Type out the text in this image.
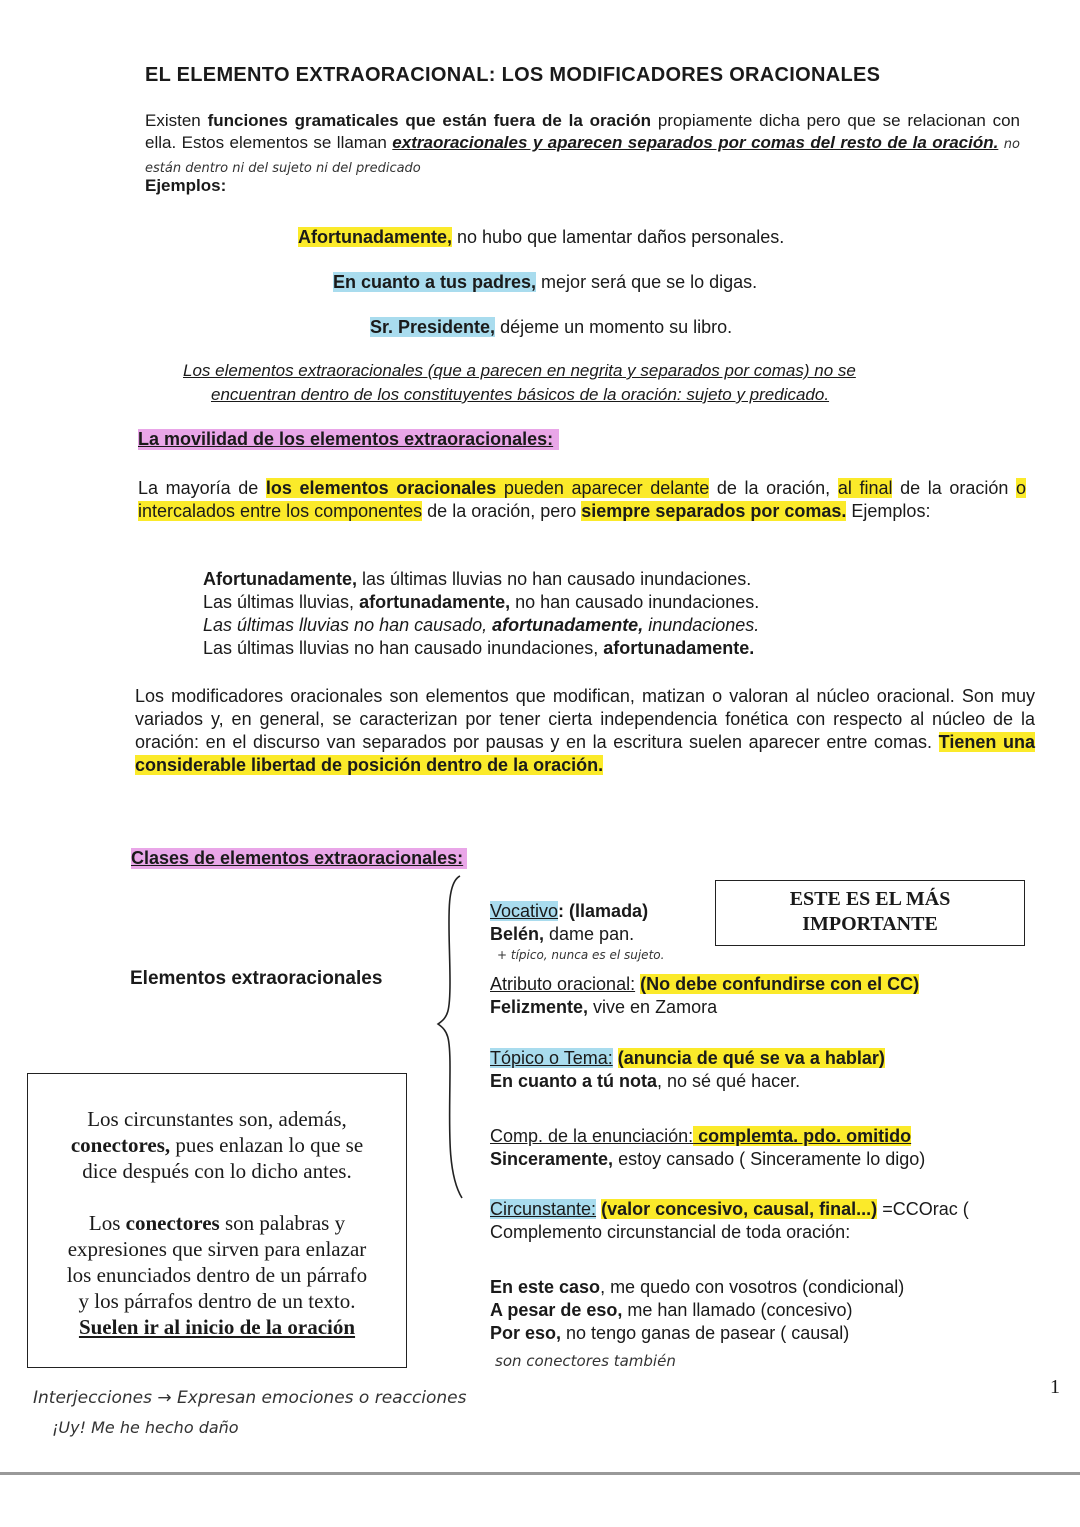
EL ELEMENTO EXTRAORACIONAL: LOS MODIFICADORES ORACIONALES
Existen funciones gramaticales que están fuera de la oración propiamente dicha pero que se relacionan con ella. Estos elementos se llaman extraoracionales y aparecen separados por comas del resto de la oración. no están dentro ni del sujeto ni del predicado
Ejemplos:
Afortunadamente, no hubo que lamentar daños personales.
En cuanto a tus padres, mejor será que se lo digas.
Sr. Presidente, déjeme un momento su libro.
Los elementos extraoracionales (que a parecen en negrita y separados por comas) no se
encuentran dentro de los constituyentes básicos de la oración: sujeto y predicado.
La movilidad de los elementos extraoracionales:
La mayoría de los elementos oracionales pueden aparecer delante de la oración, al final de la oración o intercalados entre los componentes de la oración, pero siempre separados por comas. Ejemplos:

Afortunadamente, las últimas lluvias no han causado inundaciones.

Las últimas lluvias, afortunadamente, no han causado inundaciones.

Las últimas lluvias no han causado, afortunadamente, inundaciones.

Las últimas lluvias no han causado inundaciones, afortunadamente.

Los modificadores oracionales son elementos que modifican, matizan o valoran al núcleo oracional. Son muy variados y, en general, se caracterizan por tener cierta independencia fonética con respecto al núcleo de la oración: en el discurso van separados por pausas y en la escritura suelen aparecer entre comas. Tienen una considerable libertad de posición dentro de la oración.
Clases de elementos extraoracionales:
Elementos extraoracionales
ESTE ES EL MÁS IMPORTANTE

Vocativo: (llamada)

Belén, dame pan.

+ típico, nunca es el sujeto.

Atributo oracional: (No debe confundirse con el CC)

Felizmente, vive en Zamora

Tópico o Tema: (anuncia de qué se va a hablar)

En cuanto a tú nota, no sé qué hacer.

Comp. de la enunciación: complemta. pdo. omitido

Sinceramente, estoy cansado ( Sinceramente lo digo)

Circunstante: (valor concesivo, causal, final...) =CCOrac (

Complemento circunstancial de toda oración:

En este caso, me quedo con vosotros (condicional)

A pesar de eso, me han llamado (concesivo)

Por eso, no tengo ganas de pasear ( causal)

son conectores también

Los circunstantes son, además,

conectores, pues enlazan lo que se

dice después con lo dicho antes.

Los conectores son palabras y

expresiones que sirven para enlazar

los enunciados dentro de un párrafo

y los párrafos dentro de un texto.

Suelen ir al inicio de la oración

Interjecciones → Expresan emociones o reacciones
¡Uy! Me he hecho daño
1
